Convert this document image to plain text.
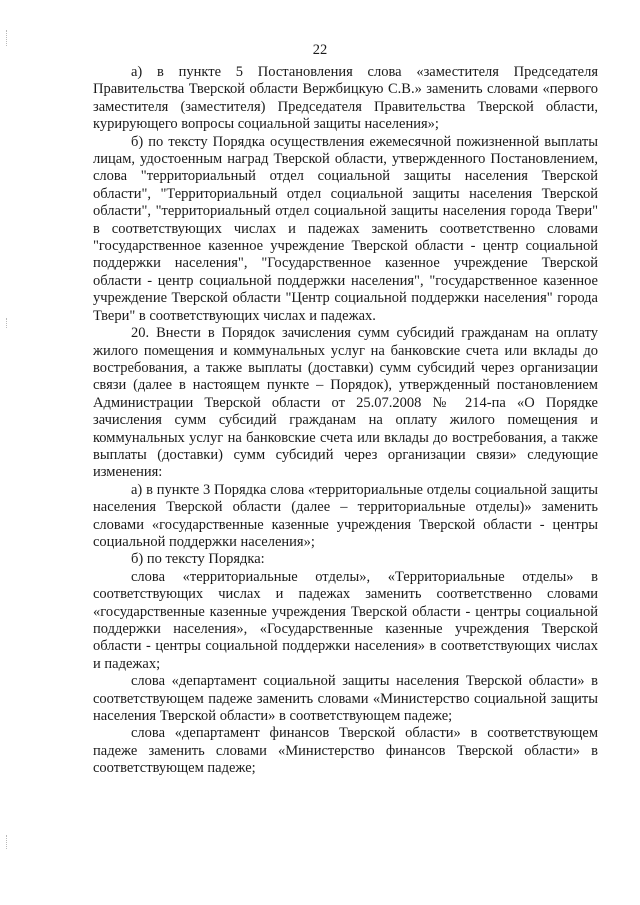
22

а) в пункте 5 Постановления слова «заместителя Председателя Правительства Тверской области Вержбицкую С.В.» заменить словами «первого заместителя (заместителя) Председателя Правительства Тверской области, курирующего вопросы социальной защиты населения»;

б) по тексту Порядка осуществления ежемесячной пожизненной выплаты лицам, удостоенным наград Тверской области, утвержденного Постановлением, слова "территориальный отдел социальной защиты населения Тверской области", "Территориальный отдел социальной защиты населения Тверской области", "территориальный отдел социальной защиты населения города Твери" в соответствующих числах и падежах заменить соответственно словами "государственное казенное учреждение Тверской области - центр социальной поддержки населения", "Государственное казенное учреждение Тверской области - центр социальной поддержки населения", "государственное казенное учреждение Тверской области "Центр социальной поддержки населения" города Твери" в соответствующих числах и падежах.

20. Внести в Порядок зачисления сумм субсидий гражданам на оплату жилого помещения и коммунальных услуг на банковские счета или вклады до востребования, а также выплаты (доставки) сумм субсидий через организации связи (далее в настоящем пункте – Порядок), утвержденный постановлением Администрации Тверской области от 25.07.2008 № 214-па «О Порядке зачисления сумм субсидий гражданам на оплату жилого помещения и коммунальных услуг на банковские счета или вклады до востребования, а также выплаты (доставки) сумм субсидий через организации связи» следующие изменения:

а) в пункте 3 Порядка слова «территориальные отделы социальной защиты населения Тверской области (далее – территориальные отделы)» заменить словами «государственные казенные учреждения Тверской области - центры социальной поддержки населения»;

б) по тексту Порядка:

слова «территориальные отделы», «Территориальные отделы» в соответствующих числах и падежах заменить соответственно словами «государственные казенные учреждения Тверской области - центры социальной поддержки населения», «Государственные казенные учреждения Тверской области - центры социальной поддержки населения» в соответствующих числах и падежах;

слова «департамент социальной защиты населения Тверской области» в соответствующем падеже заменить словами «Министерство социальной защиты населения Тверской области» в соответствующем падеже;

слова «департамент финансов Тверской области» в соответствующем падеже заменить словами «Министерство финансов Тверской области» в соответствующем падеже;
